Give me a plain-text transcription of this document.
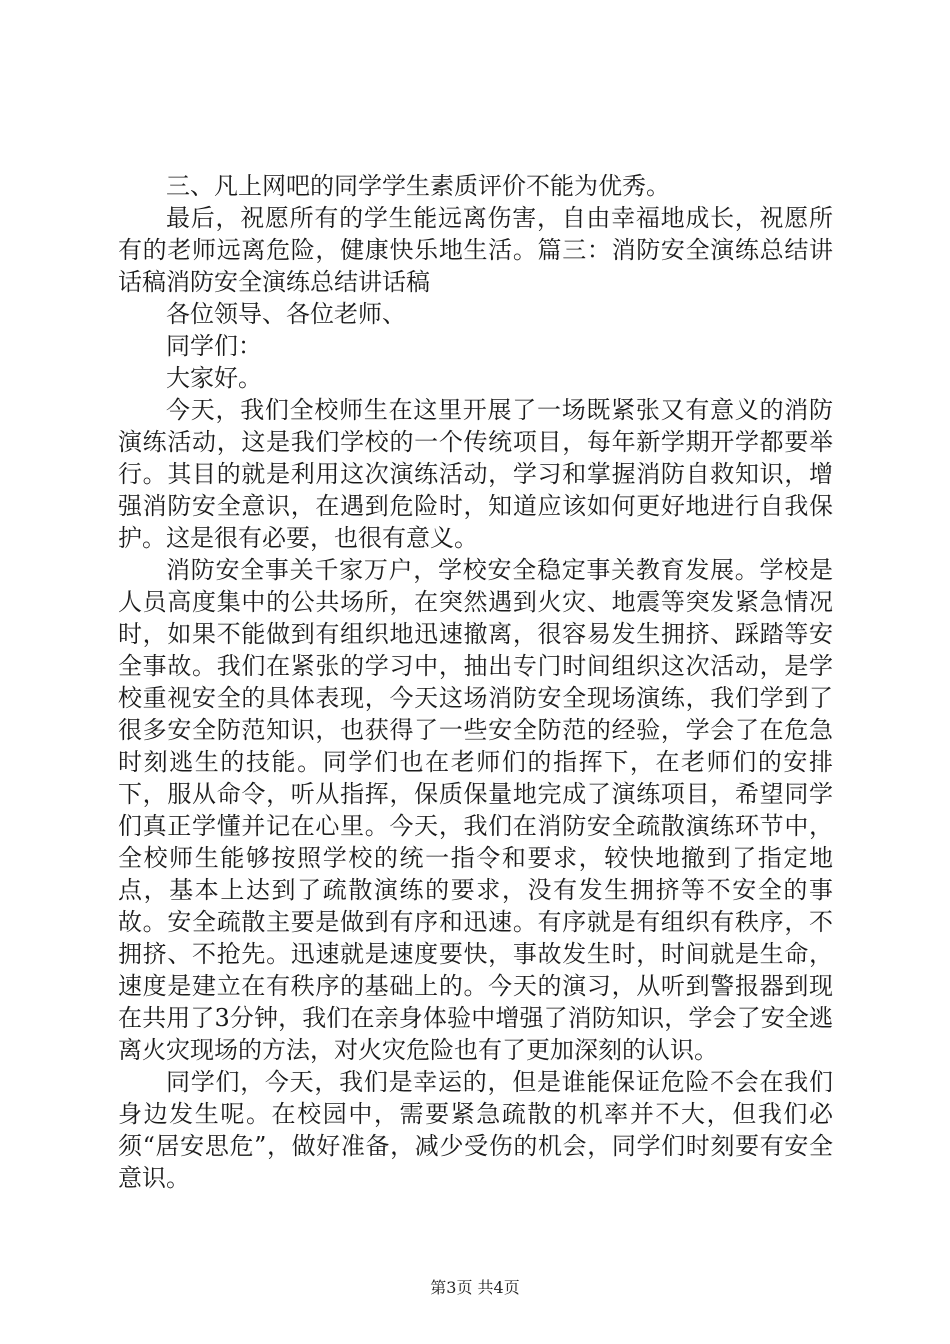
三、凡上网吧的同学学生素质评价不能为优秀。

最后，祝愿所有的学生能远离伤害，自由幸福地成长，祝愿所有的老师远离危险，健康快乐地生活。篇三：消防安全演练总结讲话稿消防安全演练总结讲话稿

各位领导、各位老师、

同学们：

大家好。

今天，我们全校师生在这里开展了一场既紧张又有意义的消防演练活动，这是我们学校的一个传统项目，每年新学期开学都要举行。其目的就是利用这次演练活动，学习和掌握消防自救知识，增强消防安全意识，在遇到危险时，知道应该如何更好地进行自我保护。这是很有必要，也很有意义。

消防安全事关千家万户，学校安全稳定事关教育发展。学校是人员高度集中的公共场所，在突然遇到火灾、地震等突发紧急情况时，如果不能做到有组织地迅速撤离，很容易发生拥挤、踩踏等安全事故。我们在紧张的学习中，抽出专门时间组织这次活动，是学校重视安全的具体表现，今天这场消防安全现场演练，我们学到了很多安全防范知识，也获得了一些安全防范的经验，学会了在危急时刻逃生的技能。同学们也在老师们的指挥下，在老师们的安排下，服从命令，听从指挥，保质保量地完成了演练项目，希望同学们真正学懂并记在心里。今天，我们在消防安全疏散演练环节中，全校师生能够按照学校的统一指令和要求，较快地撤到了指定地点，基本上达到了疏散演练的要求，没有发生拥挤等不安全的事故。安全疏散主要是做到有序和迅速。有序就是有组织有秩序，不拥挤、不抢先。迅速就是速度要快，事故发生时，时间就是生命，速度是建立在有秩序的基础上的。今天的演习，从听到警报器到现在共用了3分钟，我们在亲身体验中增强了消防知识，学会了安全逃离火灾现场的方法，对火灾危险也有了更加深刻的认识。

同学们，今天，我们是幸运的，但是谁能保证危险不会在我们身边发生呢。在校园中，需要紧急疏散的机率并不大，但我们必须“居安思危”，做好准备，减少受伤的机会，同学们时刻要有安全意识。

第3页 共4页
